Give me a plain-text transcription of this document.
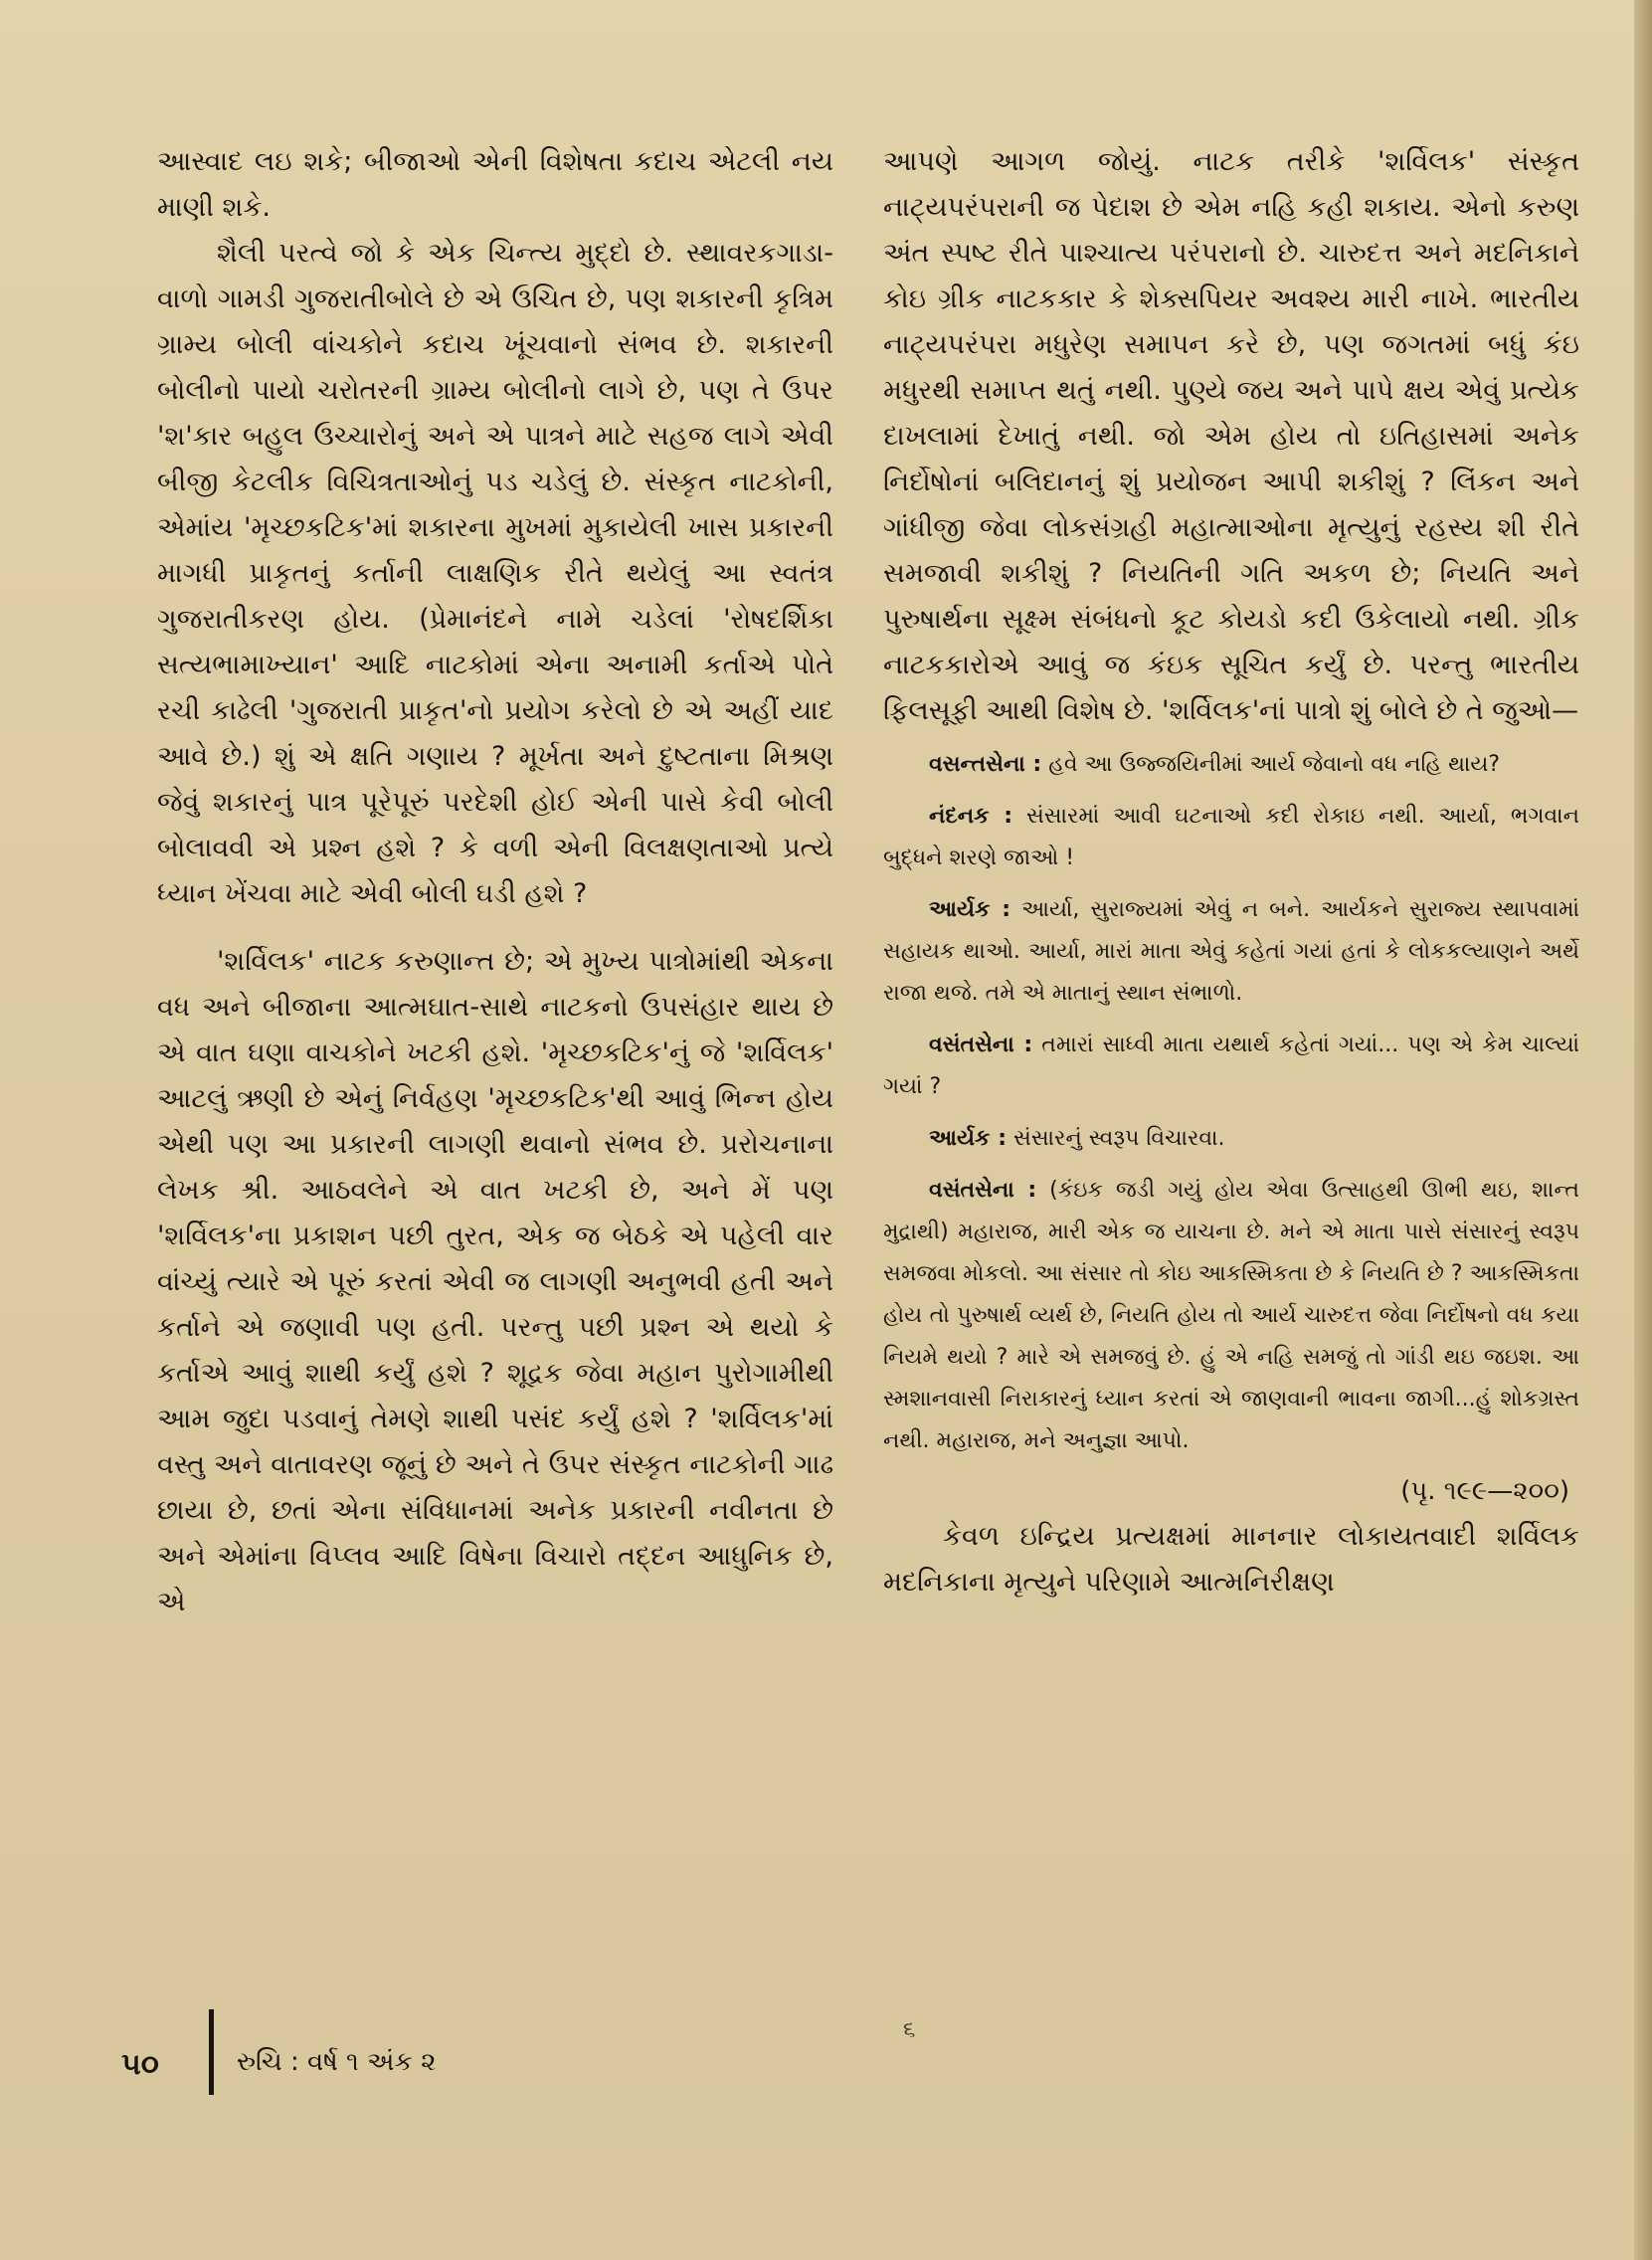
આસ્વાદ લઇ શકે; બીજાઓ એની વિશેષતા કદાચ એટલી નય માણી શકે.

શૈલી પરત્વે જો કે એક ચિન્ત્ય મુદ્દો છે. સ્થાવરકગાડા-વાળો ગામડી ગુજરાતીબોલે છે એ ઉચિત છે, પણ શકારની કૃત્રિમ ગ્રામ્ય બોલી વાંચકોને કદાચ ખૂંચવાનો સંભવ છે. શકારની બોલીનો પાયો ચરોતરની ગ્રામ્ય બોલીનો લાગે છે, પણ તે ઉપર 'શ'કાર બહુલ ઉચ્ચારોનું અને એ પાત્રને માટે સહજ લાગે એવી બીજી કેટલીક વિચિત્રતાઓનું પડ ચડેલું છે. સંસ્કૃત નાટકોની, એમાંય 'મૃચ્છકટિક'માં શકારના મુખમાં મુકાયેલી ખાસ પ્રકારની માગધી પ્રાકૃતનું કર્તાની લાક્ષણિક રીતે થયેલું આ સ્વતંત્ર ગુજરાતીકરણ હોય. (પ્રેમાનંદને નામે ચડેલાં 'રોષદર્શિકા સત્યભામાખ્યાન' આદિ નાટકોમાં એના અનામી કર્તાએ પોતે રચી કાઢેલી 'ગુજરાતી પ્રાકૃત'નો પ્રયોગ કરેલો છે એ અહીં યાદ આવે છે.) શું એ ક્ષતિ ગણાય ? મૂર્ખતા અને દુષ્ટતાના મિશ્રણ જેવું શકારનું પાત્ર પૂરેપૂરું પરદેશી હોઈ એની પાસે કેવી બોલી બોલાવવી એ પ્રશ્ન હશે ? કે વળી એની વિલક્ષણતાઓ પ્રત્યે ધ્યાન ખેંચવા માટે એવી બોલી ઘડી હશે ?

'શર્વિલક' નાટક કરુણાન્ત છે; એ મુખ્ય પાત્રોમાંથી એકના વધ અને બીજાના આત્મઘાત-સાથે નાટકનો ઉપસંહાર થાય છે એ વાત ઘણા વાચકોને ખટકી હશે. 'મૃચ્છકટિક'નું જે 'શર્વિલક' આટલું ઋણી છે એનું નિર્વહણ 'મૃચ્છકટિક'થી આવું ભિન્ન હોય એથી પણ આ પ્રકારની લાગણી થવાનો સંભવ છે. પ્રરોચનાના લેખક શ્રી. આઠવલેને એ વાત ખટકી છે, અને મેં પણ 'શર્વિલક'ના પ્રકાશન પછી તુરત, એક જ બેઠકે એ પહેલી વાર વાંચ્યું ત્યારે એ પૂરું કરતાં એવી જ લાગણી અનુભવી હતી અને કર્તાને એ જણાવી પણ હતી. પરન્તુ પછી પ્રશ્ન એ થયો કે કર્તાએ આવું શાથી કર્યું હશે ? શૂદ્રક જેવા મહાન પુરોગામીથી આમ જુદા પડવાનું તેમણે શાથી પસંદ કર્યું હશે ? 'શર્વિલક'માં વસ્તુ અને વાતાવરણ જૂનું છે અને તે ઉપર સંસ્કૃત નાટકોની ગાઢ છાયા છે, છતાં એના સંવિધાનમાં અનેક પ્રકારની નવીનતા છે અને એમાંના વિપ્લવ આદિ વિષેના વિચારો તદ્દન આધુનિક છે, એ

આપણે આગળ જોયું. નાટક તરીકે 'શર્વિલક' સંસ્કૃત નાટ્યપરંપરાની જ પેદાશ છે એમ નહિ કહી શકાય. એનો કરુણ અંત સ્પષ્ટ રીતે પાશ્ચાત્ય પરંપરાનો છે. ચારુદત્ત અને મદનિકાને કોઇ ગ્રીક નાટકકાર કે શેક્સપિયર અવશ્ય મારી નાખે. ભારતીય નાટ્યપરંપરા મધુરેણ સમાપન કરે છે, પણ જગતમાં બધું કંઇ મધુરથી સમાપ્ત થતું નથી. પુણ્યે જય અને પાપે ક્ષય એવું પ્રત્યેક દાખલામાં દેખાતું નથી. જો એમ હોય તો ઇતિહાસમાં અનેક નિર્દોષોનાં બલિદાનનું શું પ્રયોજન આપી શકીશું ? લિંકન અને ગાંધીજી જેવા લોકસંગ્રહી મહાત્માઓના મૃત્યુનું રહસ્ય શી રીતે સમજાવી શકીશું ? નિયતિની ગતિ અકળ છે; નિયતિ અને પુરુષાર્થના સૂક્ષ્મ સંબંધનો કૂટ કોયડો કદી ઉકેલાયો નથી. ગ્રીક નાટકકારોએ આવું જ કંઇક સૂચિત કર્યું છે. પરન્તુ ભારતીય ફિલસૂફી આથી વિશેષ છે. 'શર્વિલક'નાં પાત્રો શું બોલે છે તે જુઓ—

વસન્તસેના : હવે આ ઉજ્જયિનીમાં આર્ય જેવાનો વધ નહિ થાય?

નંદનક : સંસારમાં આવી ઘટનાઓ કદી રોકાઇ નથી. આર્યા, ભગવાન બુદ્ધને શરણે જાઓ !

આર્યક : આર્યા, સુરાજ્યમાં એવું ન બને. આર્યકને સુરાજ્ય સ્થાપવામાં સહાયક થાઓ. આર્યા, મારાં માતા એવું કહેતાં ગયાં હતાં કે લોકકલ્યાણને અર્થે રાજા થજે. તમે એ માતાનું સ્થાન સંભાળો.

વસંતસેના : તમારાં સાધ્વી માતા યથાર્થ કહેતાં ગયાં... પણ એ કેમ ચાલ્યાં ગયાં ?

આર્યક : સંસારનું સ્વરૂપ વિચારવા.

વસંતસેના : (કંઇક જડી ગયું હોય એવા ઉત્સાહથી ઊભી થઇ, શાન્ત મુદ્રાથી) મહારાજ, મારી એક જ યાચના છે. મને એ માતા પાસે સંસારનું સ્વરૂપ સમજવા મોકલો. આ સંસાર તો કોઇ આકસ્મિકતા છે કે નિયતિ છે ? આકસ્મિકતા હોય તો પુરુષાર્થ વ્યર્થ છે, નિયતિ હોય તો આર્ય ચારુદત્ત જેવા નિર્દોષનો વધ કયા નિયમે થયો ? મારે એ સમજવું છે. હું એ નહિ સમજું તો ગાંડી થઇ જઇશ. આ સ્મશાનવાસી નિરાકારનું ધ્યાન કરતાં એ જાણવાની ભાવના જાગી...હું શોકગ્રસ્ત નથી. મહારાજ, મને અનુજ્ઞા આપો.

(પૃ. ૧૯૯—૨૦૦)

કેવળ ઇન્દ્રિય પ્રત્યક્ષમાં માનનાર લોકાયતવાદી શર્વિલક મદનિકાના મૃત્યુને પરિણામે આત્મનિરીક્ષણ

૫૦	રુચિ : વર્ષ ૧ અંક ૨
૬
